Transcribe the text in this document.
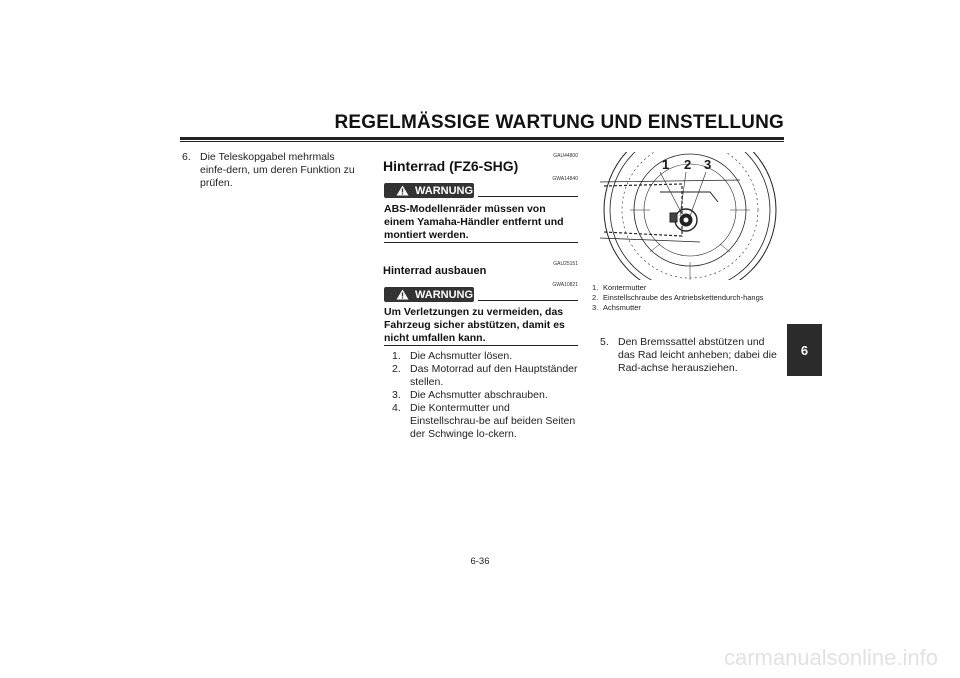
REGELMÄSSIGE WARTUNG UND EINSTELLUNG
6. Die Teleskopgabel mehrmals einfe-dern, um deren Funktion zu prüfen.
GAU44800
Hinterrad (FZ6-SHG)
GWA14840
WARNUNG
ABS-Modellenräder müssen von einem Yamaha-Händler entfernt und montiert werden.
GAU25151
Hinterrad ausbauen
GWA10821
WARNUNG
Um Verletzungen zu vermeiden, das Fahrzeug sicher abstützen, damit es nicht umfallen kann.
1. Die Achsmutter lösen.
2. Das Motorrad auf den Hauptständer stellen.
3. Die Achsmutter abschrauben.
4. Die Kontermutter und Einstellschrau-be auf beiden Seiten der Schwinge lo-ckern.
1 2 3
1. Kontermutter
2. Einstellschraube des Antriebskettendurch-hangs
3. Achsmutter
5. Den Bremssattel abstützen und das Rad leicht anheben; dabei die Rad-achse herausziehen.
6
6-36
carmanualsonline.info
